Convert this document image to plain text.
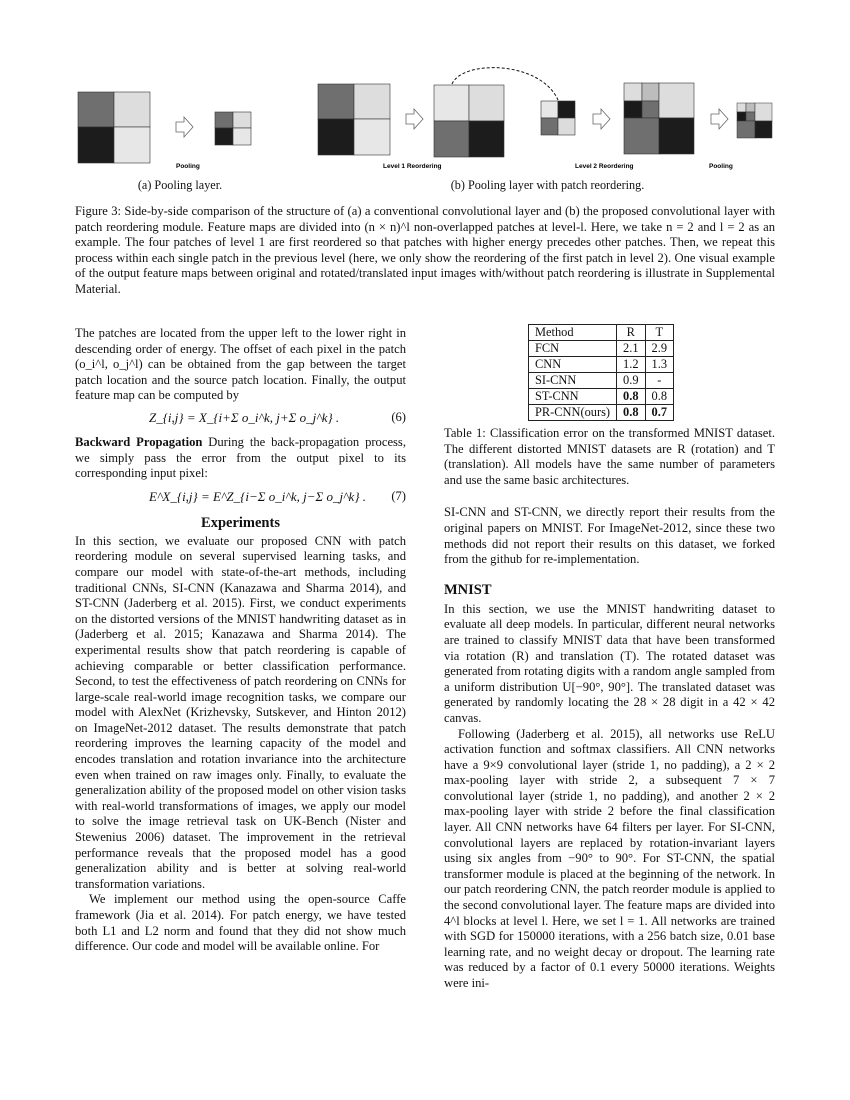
Pooling	Level 1 Reordering	Level 2 Reordering	Pooling
(a) Pooling layer.	(b) Pooling layer with patch reordering.
Figure 3: Side-by-side comparison of the structure of (a) a conventional convolutional layer and (b) the proposed convolutional layer with patch reordering module. Feature maps are divided into (n × n)^l non-overlapped patches at level-l. Here, we take n = 2 and l = 2 as an example. The four patches of level 1 are first reordered so that patches with higher energy precedes other patches. Then, we repeat this process within each single patch in the previous level (here, we only show the reordering of the first patch in level 2). One visual example of the output feature maps between original and rotated/translated input images with/without patch reordering is illustrate in Supplemental Material.

The patches are located from the upper left to the lower right in descending order of energy. The offset of each pixel in the patch (o_i^l, o_j^l) can be obtained from the gap between the target patch location and the source patch location. Finally, the output feature map can be computed by

Z_{i,j} = X_{i+Σ o_i^k, j+Σ o_j^k} .	(6)

Backward Propagation During the back-propagation process, we simply pass the error from the output pixel to its corresponding input pixel:

E^X_{i,j} = E^Z_{i−Σ o_i^k, j−Σ o_j^k} . (7)
Experiments

In this section, we evaluate our proposed CNN with patch reordering module on several supervised learning tasks, and compare our model with state-of-the-art methods, including traditional CNNs, SI-CNN (Kanazawa and Sharma 2014), and ST-CNN (Jaderberg et al. 2015). First, we conduct experiments on the distorted versions of the MNIST handwriting dataset as in (Jaderberg et al. 2015; Kanazawa and Sharma 2014). The experimental results show that patch reordering is capable of achieving comparable or better classification performance. Second, to test the effectiveness of patch reordering on CNNs for large-scale real-world image recognition tasks, we compare our model with AlexNet (Krizhevsky, Sutskever, and Hinton 2012) on ImageNet-2012 dataset. The results demonstrate that patch reordering improves the learning capacity of the model and encodes translation and rotation invariance into the architecture even when trained on raw images only. Finally, to evaluate the generalization ability of the proposed model on other vision tasks with real-world transformations of images, we apply our model to solve the image retrieval task on UK-Bench (Nister and Stewenius 2006) dataset. The improvement in the retrieval performance reveals that the proposed model has a good generalization ability and is better at solving real-world transformation variations.

We implement our method using the open-source Caffe framework (Jia et al. 2014). For patch energy, we have tested both L1 and L2 norm and found that they did not show much difference. Our code and model will be available online. For

Method	R	T
FCN	2.1	2.9
CNN	1.2	1.3
SI-CNN	0.9	-
ST-CNN	0.8	0.8
PR-CNN(ours)	0.8	0.7

Table 1: Classification error on the transformed MNIST dataset. The different distorted MNIST datasets are R (rotation) and T (translation). All models have the same number of parameters and use the same basic architectures.

SI-CNN and ST-CNN, we directly report their results from the original papers on MNIST. For ImageNet-2012, since these two methods did not report their results on this dataset, we forked from the github for re-implementation.

MNIST

In this section, we use the MNIST handwriting dataset to evaluate all deep models. In particular, different neural networks are trained to classify MNIST data that have been transformed via rotation (R) and translation (T). The rotated dataset was generated from rotating digits with a random angle sampled from a uniform distribution U[−90°, 90°]. The translated dataset was generated by randomly locating the 28 × 28 digit in a 42 × 42 canvas.

Following (Jaderberg et al. 2015), all networks use ReLU activation function and softmax classifiers. All CNN networks have a 9×9 convolutional layer (stride 1, no padding), a 2 × 2 max-pooling layer with stride 2, a subsequent 7 × 7 convolutional layer (stride 1, no padding), and another 2 × 2 max-pooling layer with stride 2 before the final classification layer. All CNN networks have 64 filters per layer. For SI-CNN, convolutional layers are replaced by rotation-invariant layers using six angles from −90° to 90°. For ST-CNN, the spatial transformer module is placed at the beginning of the network. In our patch reordering CNN, the patch reorder module is applied to the second convolutional layer. The feature maps are divided into 4^l blocks at level l. Here, we set l = 1. All networks are trained with SGD for 150000 iterations, with a 256 batch size, 0.01 base learning rate, and no weight decay or dropout. The learning rate was reduced by a factor of 0.1 every 50000 iterations. Weights were ini-
